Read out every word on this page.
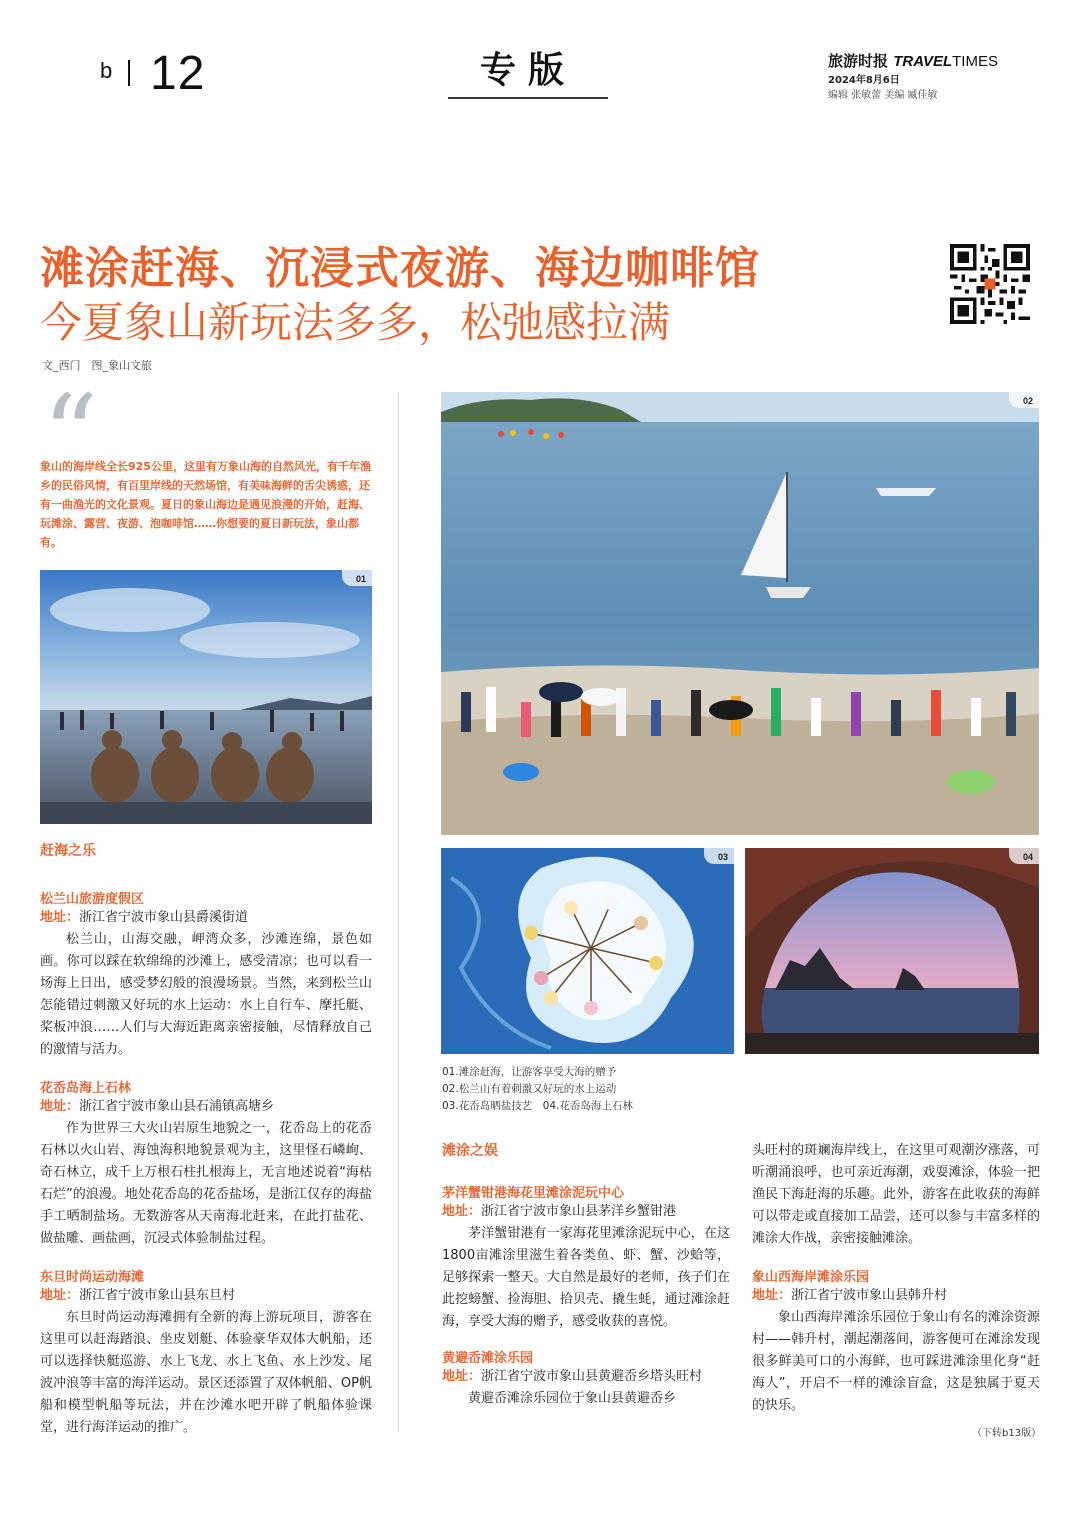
b 12	专版	旅游时报 TRAVELTIMES
2024年8月6日
编辑 张敏蕾 美编 臧佳敏
滩涂赶海、沉浸式夜游、海边咖啡馆
今夏象山新玩法多多，松弛感拉满
文_西门　图_象山文旅
“
象山的海岸线全长925公里，这里有万象山海的自然风光，有千年渔乡的民俗风情，有百里岸线的天然场馆，有美味海鲜的舌尖诱惑，还有一曲渔光的文化景观。夏日的象山海边是遇见浪漫的开始，赶海、玩滩涂、露营、夜游、泡咖啡馆……你想要的夏日新玩法，象山都有。
01
02
03	04
01.滩涂赶海，让游客享受大海的赠予
02.松兰山有着刺激又好玩的水上运动
03.花岙岛晒盐技艺　04.花岙岛海上石林
赶海之乐
松兰山旅游度假区
地址：浙江省宁波市象山县爵溪街道
松兰山，山海交融，岬湾众多，沙滩连绵，景色如画。你可以踩在软绵绵的沙滩上，感受清凉；也可以看一场海上日出，感受梦幻般的浪漫场景。当然，来到松兰山怎能错过刺激又好玩的水上运动：水上自行车、摩托艇、桨板冲浪……人们与大海近距离亲密接触，尽情释放自己的激情与活力。
花岙岛海上石林
地址：浙江省宁波市象山县石浦镇高塘乡
作为世界三大火山岩原生地貌之一，花岙岛上的花岙石林以火山岩、海蚀海积地貌景观为主，这里怪石嶙峋、奇石林立，成千上万根石柱扎根海上，无言地述说着“海枯石烂”的浪漫。地处花岙岛的花岙盐场，是浙江仅存的海盐手工晒制盐场。无数游客从天南海北赶来，在此打盐花、做盐雕、画盐画，沉浸式体验制盐过程。
东旦时尚运动海滩
地址：浙江省宁波市象山县东旦村
东旦时尚运动海滩拥有全新的海上游玩项目，游客在这里可以赶海踏浪、坐皮划艇、体验豪华双体大帆船，还可以选择快艇巡游、水上飞龙、水上飞鱼、水上沙发、尾波冲浪等丰富的海洋运动。景区还添置了双体帆船、OP帆船和模型帆船等玩法，并在沙滩水吧开辟了帆船体验课堂，进行海洋运动的推广。
滩涂之娱
茅洋蟹钳港海花里滩涂泥玩中心
地址：浙江省宁波市象山县茅洋乡蟹钳港
茅洋蟹钳港有一家海花里滩涂泥玩中心，在这1800亩滩涂里滋生着各类鱼、虾、蟹、沙蛤等，足够探索一整天。大自然是最好的老师，孩子们在此挖螃蟹、捡海胆、拾贝壳、撬生蚝，通过滩涂赶海，享受大海的赠予，感受收获的喜悦。
黄避岙滩涂乐园
地址：浙江省宁波市象山县黄避岙乡塔头旺村
黄避岙滩涂乐园位于象山县黄避岙乡
头旺村的斑斓海岸线上，在这里可观潮汐涨落，可听潮涌浪呼，也可亲近海潮，戏耍滩涂，体验一把渔民下海赶海的乐趣。此外，游客在此收获的海鲜可以带走或直接加工品尝，还可以参与丰富多样的滩涂大作战，亲密接触滩涂。
象山西海岸滩涂乐园
地址：浙江省宁波市象山县韩升村
象山西海岸滩涂乐园位于象山有名的滩涂资源村——韩升村，潮起潮落间，游客便可在滩涂发现很多鲜美可口的小海鲜，也可踩进滩涂里化身“赶海人”，开启不一样的滩涂盲盒，这是独属于夏天的快乐。
（下转b13版）
